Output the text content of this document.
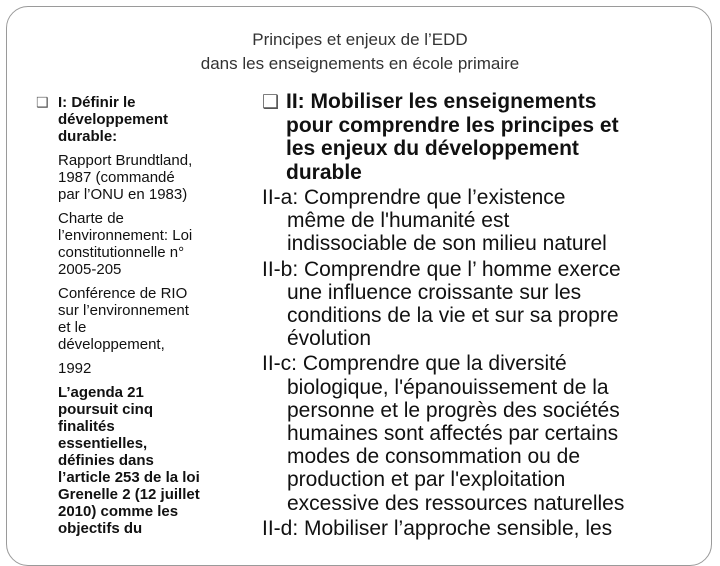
Principes et enjeux de l’EDD
dans les enseignements en école primaire
❑ I: Définir le
développement
durable:
Rapport Brundtland,
1987 (commandé
par l’ONU en 1983)
Charte de
l’environnement: Loi
constitutionnelle n°
2005-205
Conférence de RIO
sur l’environnement
et le
développement,
1992
L’agenda 21
poursuit cinq
finalités
essentielles,
définies dans
l’article 253 de la loi
Grenelle 2 (12 juillet
2010) comme les
objectifs du
❑ II: Mobiliser les enseignements
pour comprendre les principes et
les enjeux du développement
durable
II-a: Comprendre que l’existence
même de l'humanité est
indissociable de son milieu naturel
II-b: Comprendre que l’ homme exerce
une influence croissante sur les
conditions de la vie et sur sa propre
évolution
II-c: Comprendre que la diversité
biologique, l'épanouissement de la
personne et le progrès des sociétés
humaines sont affectés par certains
modes de consommation ou de
production et par l'exploitation
excessive des ressources naturelles
II-d: Mobiliser l’approche sensible, les
